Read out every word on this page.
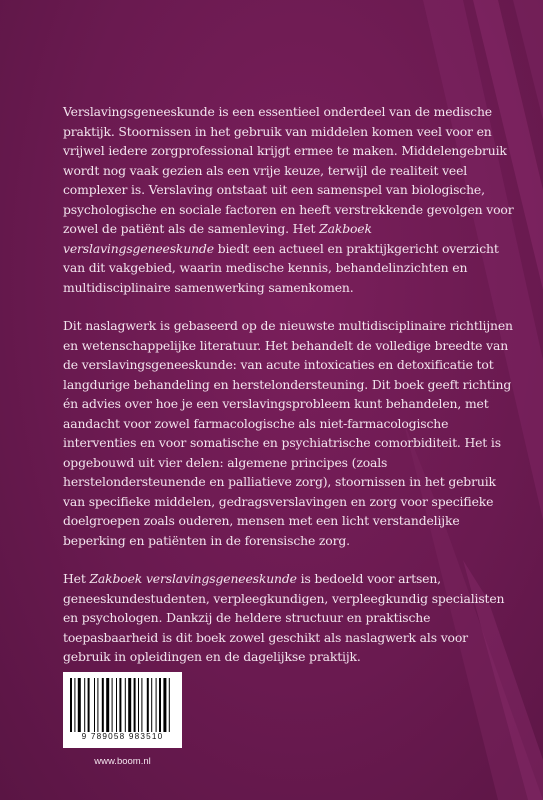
Verslavingsgeneeskunde is een essentieel onderdeel van de medische praktijk. Stoornissen in het gebruik van middelen komen veel voor en vrijwel iedere zorgprofessional krijgt ermee te maken. Middelengebruik wordt nog vaak gezien als een vrije keuze, terwijl de realiteit veel complexer is. Verslaving ontstaat uit een samenspel van biologische, psychologische en sociale factoren en heeft verstrekkende gevolgen voor zowel de patiënt als de samenleving. Het Zakboek verslavingsgeneeskunde biedt een actueel en praktijkgericht overzicht van dit vakgebied, waarin medische kennis, behandelinzichten en multidisciplinaire samenwerking samenkomen.

Dit naslagwerk is gebaseerd op de nieuwste multidisciplinaire richtlijnen en wetenschappelijke literatuur. Het behandelt de volledige breedte van de verslavingsgeneeskunde: van acute intoxicaties en detoxificatie tot langdurige behandeling en herstelondersteuning. Dit boek geeft richting én advies over hoe je een verslavingsprobleem kunt behandelen, met aandacht voor zowel farmacologische als niet-farmacologische interventies en voor somatische en psychiatrische comorbiditeit. Het is opgebouwd uit vier delen: algemene principes (zoals herstelondersteunende en palliatieve zorg), stoornissen in het gebruik van specifieke middelen, gedragsverslavingen en zorg voor specifieke doelgroepen zoals ouderen, mensen met een licht verstandelijke beperking en patiënten in de forensische zorg.

Het Zakboek verslavingsgeneeskunde is bedoeld voor artsen, geneeskundestudenten, verpleegkundigen, verpleegkundig specialisten en psychologen. Dankzij de heldere structuur en praktische toepasbaarheid is dit boek zowel geschikt als naslagwerk als voor gebruik in opleidingen en de dagelijkse praktijk.

9 789058 983510
www.boom.nl
